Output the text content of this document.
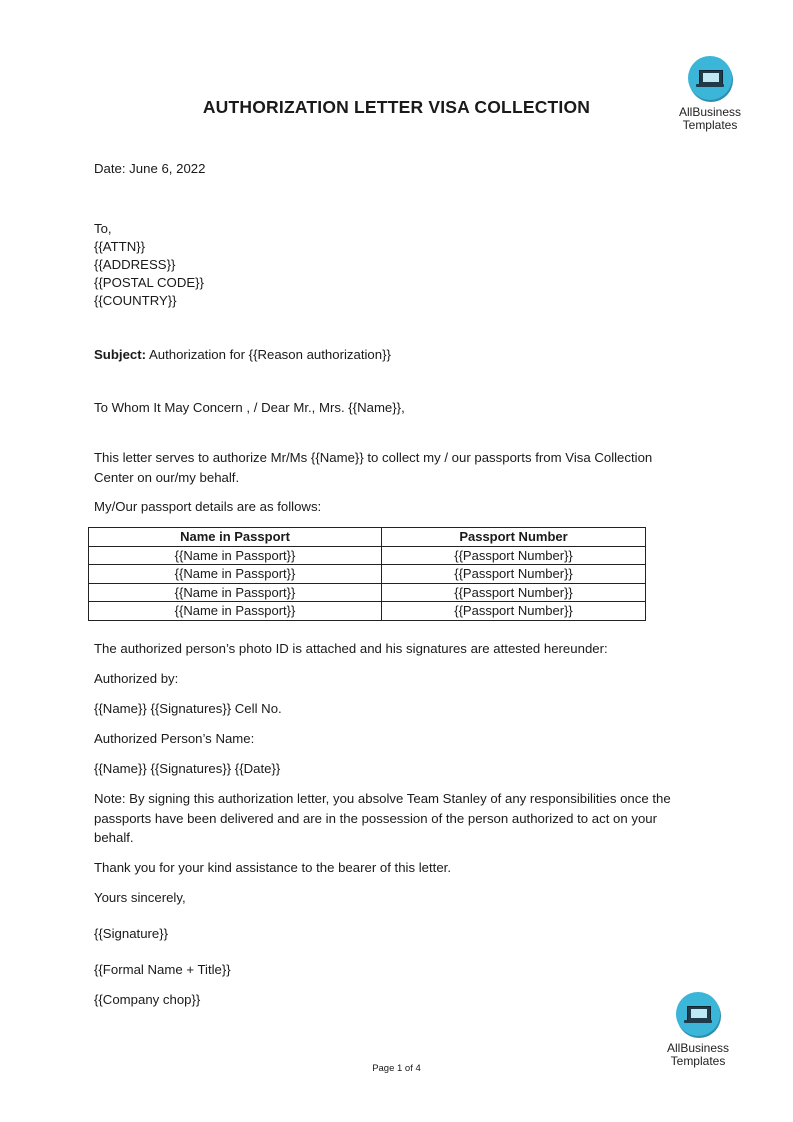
AllBusiness
Templates
AUTHORIZATION LETTER VISA COLLECTION
Date: June 6, 2022
To,
{{ATTN}}
{{ADDRESS}}
{{POSTAL CODE}}
{{COUNTRY}}
Subject: Authorization for {{Reason authorization}}
To Whom It May Concern , / Dear Mr., Mrs. {{Name}},
This letter serves to authorize Mr/Ms {{Name}} to collect my / our passports from Visa Collection Center on our/my behalf.
My/Our passport details are as follows:
Name in Passport	Passport Number
{{Name in Passport}}	{{Passport Number}}
{{Name in Passport}}	{{Passport Number}}
{{Name in Passport}}	{{Passport Number}}
{{Name in Passport}}	{{Passport Number}}
The authorized person’s photo ID is attached and his signatures are attested hereunder:
Authorized by:
{{Name}} {{Signatures}} Cell No.
Authorized Person’s Name:
{{Name}} {{Signatures}} {{Date}}
Note: By signing this authorization letter, you absolve Team Stanley of any responsibilities once the passports have been delivered and are in the possession of the person authorized to act on your behalf.
Thank you for your kind assistance to the bearer of this letter.
Yours sincerely,
{{Signature}}
{{Formal Name + Title}}
{{Company chop}}
AllBusiness
Templates
Page 1 of 4
